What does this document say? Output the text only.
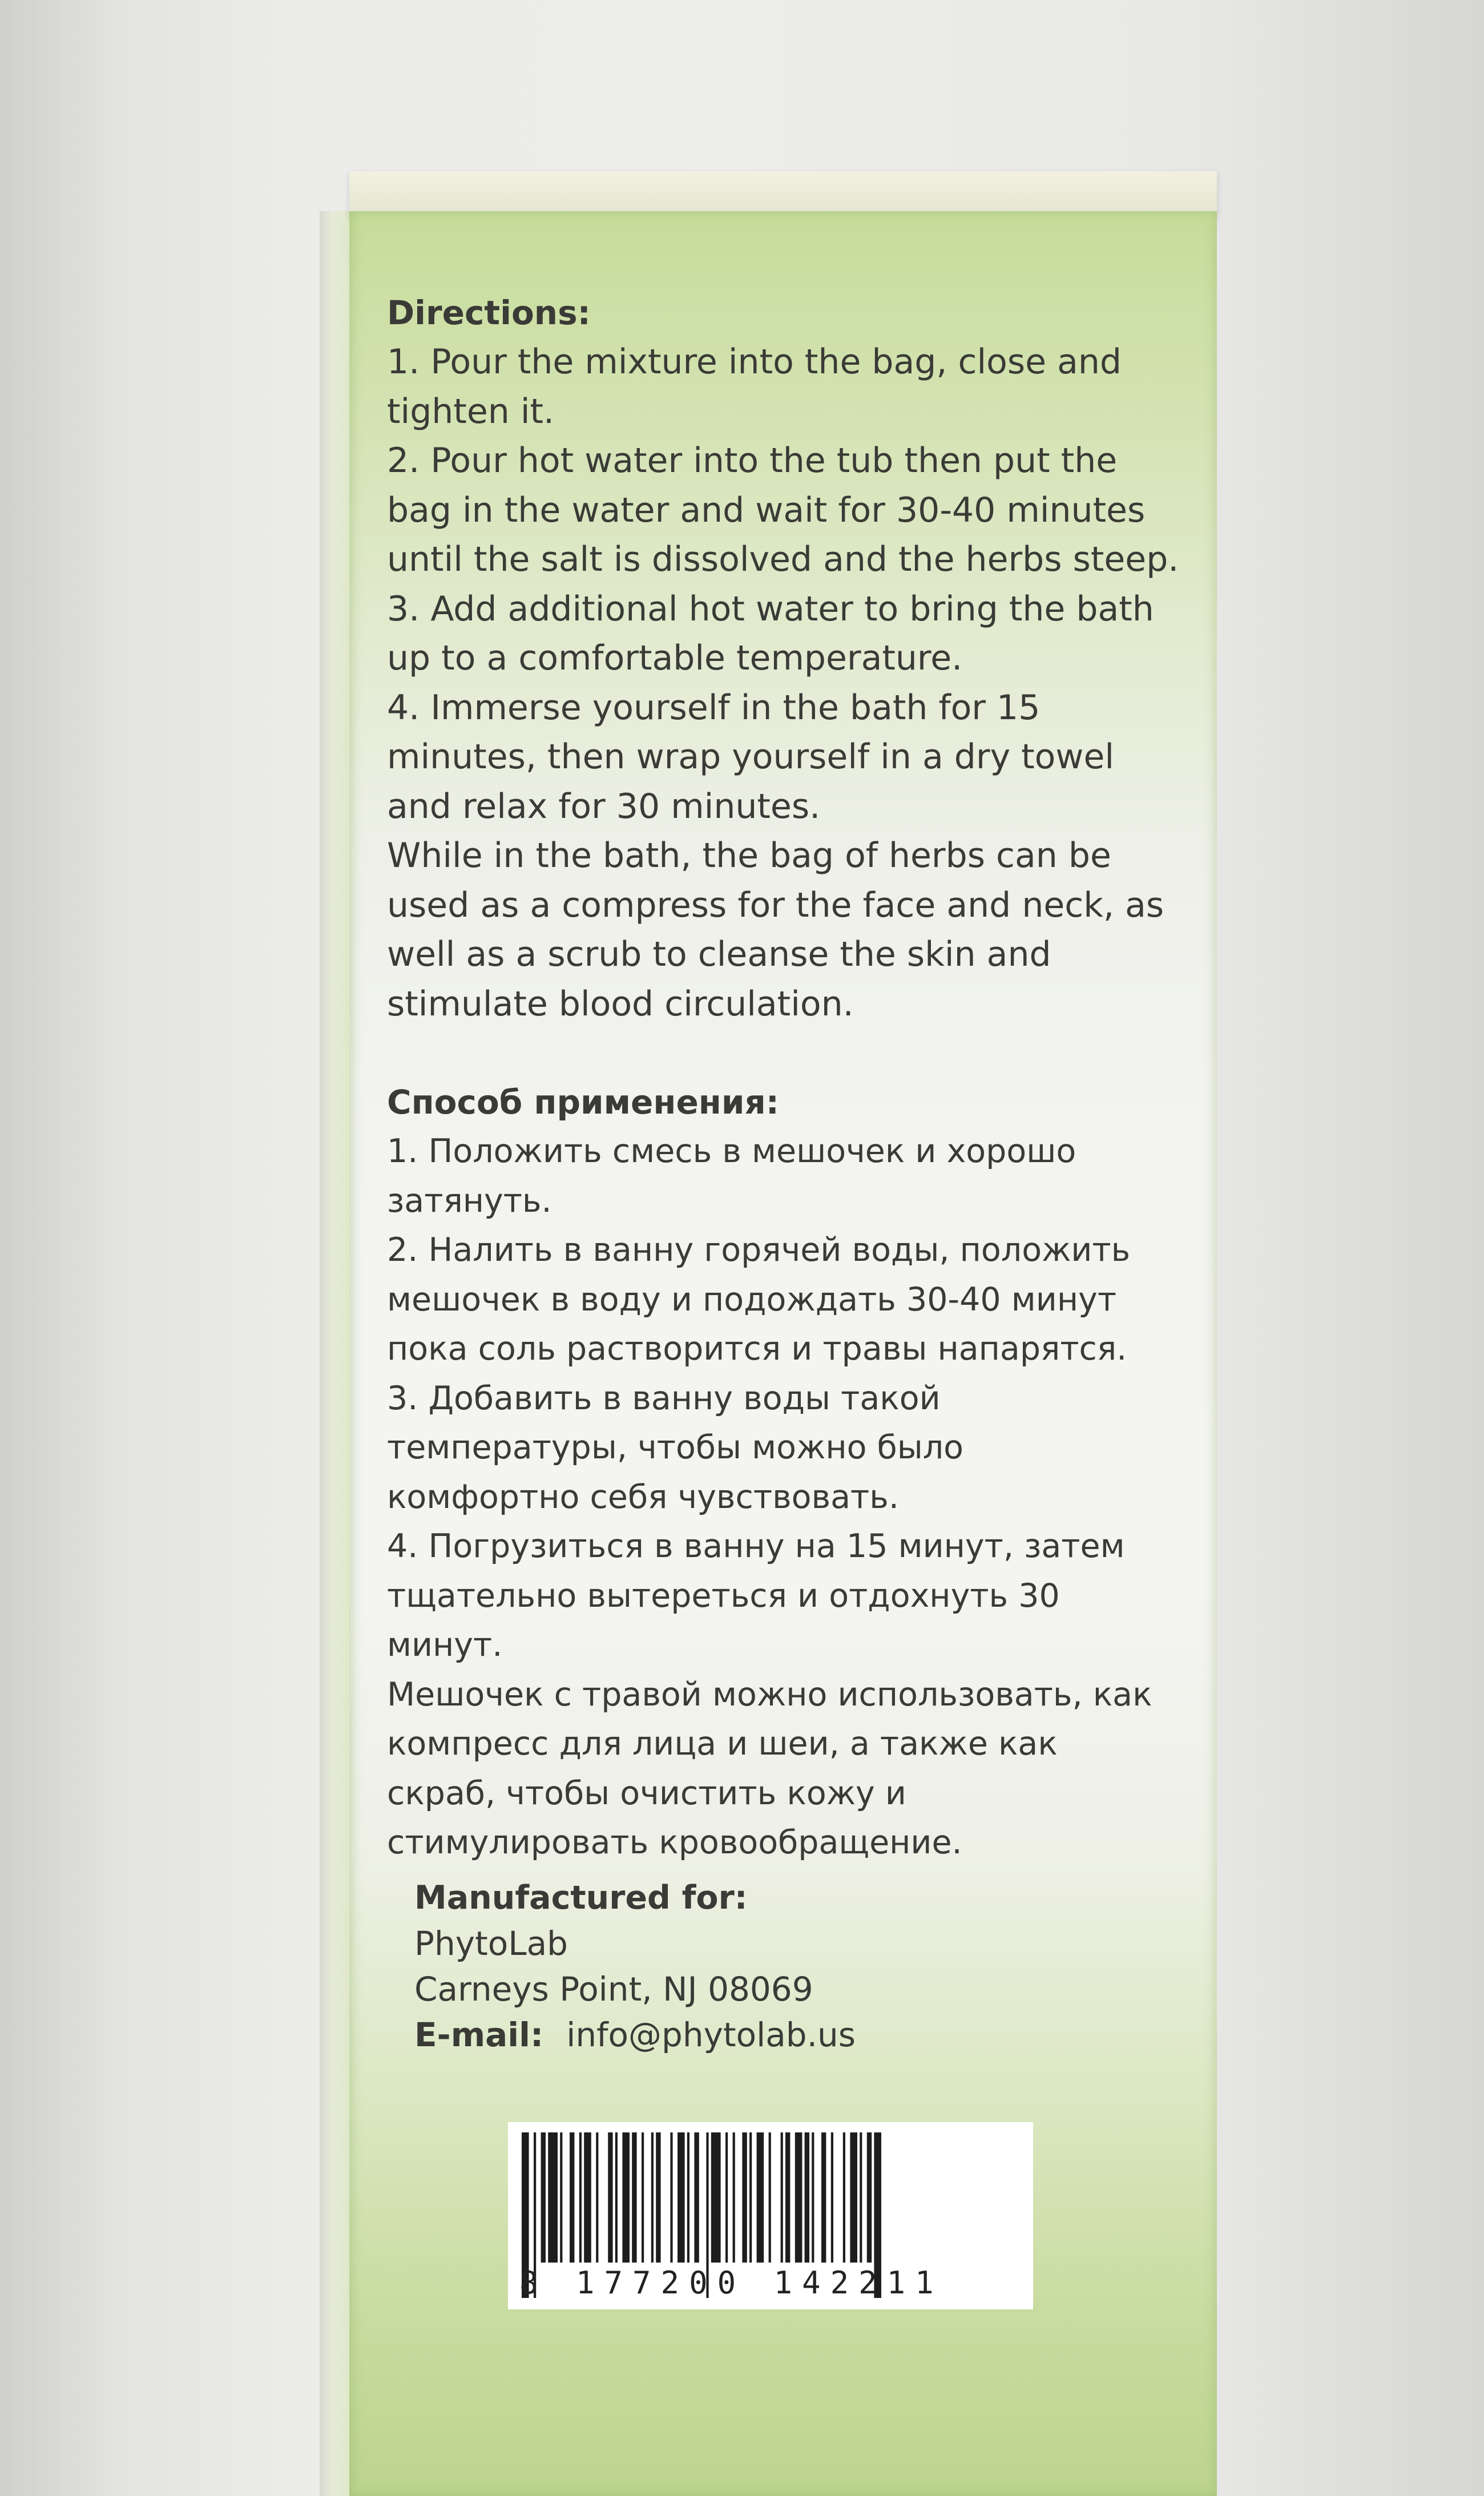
Directions:

1. Pour the mixture into the bag, close and

tighten it.

2. Pour hot water into the tub then put the

bag in the water and wait for 30-40 minutes

until the salt is dissolved and the herbs steep.

3. Add additional hot water to bring the bath

up to a comfortable temperature.

4. Immerse yourself in the bath for 15

minutes, then wrap yourself in a dry towel

and relax for 30 minutes.

While in the bath, the bag of herbs can be

used as a compress for the face and neck, as

well as a scrub to cleanse the skin and

stimulate blood circulation.

Способ применения:

1. Положить смесь в мешочек и хорошо

затянуть.

2. Налить в ванну горячей воды, положить

мешочек в воду и подождать 30-40 минут

пока соль растворится и травы напарятся.

3. Добавить в ванну воды такой

температуры, чтобы можно было

комфортно себя чувствовать.

4. Погрузиться в ванну на 15 минут, затем

тщательно вытереться и отдохнуть 30

минут.

Мешочек с травой можно использовать, как

компресс для лица и шеи, а также как

скраб, чтобы очистить кожу и

стимулировать кровообращение.

Manufactured for:
PhytoLab
Carneys Point, NJ 08069
E-mail: info@phytolab.us
8 177200 142211
